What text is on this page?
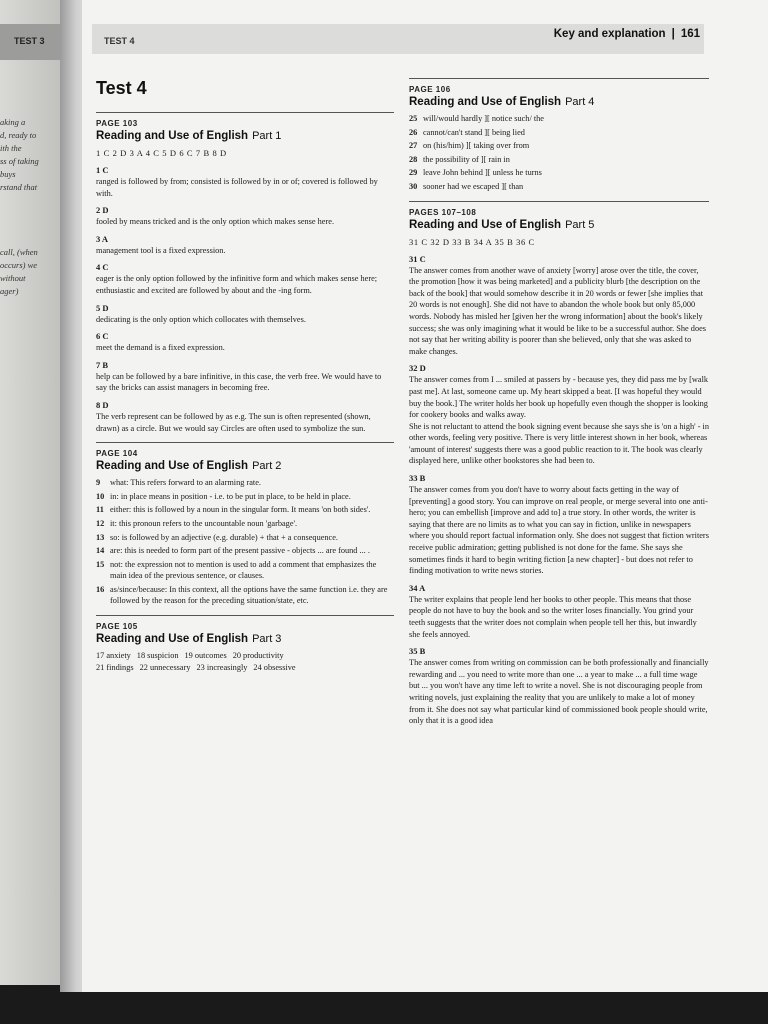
TEST 3
aking a
d, ready to
ith the
ss of taking
buys
rstand that
call, (when
occurs) we
without
ager)
TEST 4
Key and explanation | 161
Test 4
PAGE 103
Reading and Use of English Part 1
1 C 2 D 3 A 4 C 5 D 6 C 7 B 8 D
1 C
ranged is followed by from; consisted is followed by in or of; covered is followed by with.
2 D
fooled by means tricked and is the only option which makes sense here.
3 A
management tool is a fixed expression.
4 C
eager is the only option followed by the infinitive form and which makes sense here; enthusiastic and excited are followed by about and the -ing form.
5 D
dedicating is the only option which collocates with themselves.
6 C
meet the demand is a fixed expression.
7 B
help can be followed by a bare infinitive, in this case, the verb free. We would have to say the bricks can assist managers in becoming free.
8 D
The verb represent can be followed by as e.g. The sun is often represented (shown, drawn) as a circle. But we would say Circles are often used to symbolize the sun.
PAGE 104
Reading and Use of English Part 2
9	what: This refers forward to an alarming rate.
10 in: in place means in position - i.e. to be put in place, to be held in place.
11 either: this is followed by a noun in the singular form. It means 'on both sides'.
12 it: this pronoun refers to the uncountable noun 'garbage'.
13 so: is followed by an adjective (e.g. durable) + that + a consequence.
14 are: this is needed to form part of the present passive - objects ... are found ... .
15 not: the expression not to mention is used to add a comment that emphasizes the main idea of the previous sentence, or clauses.
16 as/since/because: In this context, all the options have the same function i.e. they are followed by the reason for the preceding situation/state, etc.
PAGE 105
Reading and Use of English Part 3
17 anxiety 18 suspicion 19 outcomes 20 productivity
21 findings 22 unnecessary 23 increasingly 24 obsessive
PAGE 106
Reading and Use of English Part 4
25 will/would hardly ][ notice such/ the
26 cannot/can't stand ][ being lied
27 on (his/him) ][ taking over from
28 the possibility of ][ rain in
29 leave John behind ][ unless he turns
30 sooner had we escaped ][ than
PAGES 107–108
Reading and Use of English Part 5
31 C 32 D 33 B 34 A 35 B 36 C
31 C
The answer comes from another wave of anxiety [worry] arose over the title, the cover, the promotion [how it was being marketed] and a publicity blurb [the description on the back of the book] that would somehow describe it in 20 words or fewer [she implies that 20 words is not enough]. She did not have to abandon the whole book but only 85,000 words. Nobody has misled her [given her the wrong information] about the book's likely success; she was only imagining what it would be like to be a successful author. She does not say that her writing ability is poorer than she believed, only that she was asked to make changes.
32 D
The answer comes from I ... smiled at passers by - because yes, they did pass me by [walk past me]. At last, someone came up. My heart skipped a beat. [I was hopeful they would buy the book.] The writer holds her book up hopefully even though the shopper is looking for cookery books and walks away.
She is not reluctant to attend the book signing event because she says she is 'on a high' - in other words, feeling very positive. There is very little interest shown in her book, whereas 'amount of interest' suggests there was a good public reaction to it. The book was clearly displayed here, unlike other bookstores she had been to.
33 B
The answer comes from you don't have to worry about facts getting in the way of [preventing] a good story. You can improve on real people, or merge several into one anti-hero; you can embellish [improve and add to] a true story. In other words, the writer is saying that there are no limits as to what you can say in fiction, unlike in newspapers where you should report factual information only. She does not suggest that fiction writers receive public admiration; getting published is not done for the fame. She says she sometimes finds it hard to begin writing fiction [a new chapter] - but does not refer to finding motivation to write news stories.
34 A
The writer explains that people lend her books to other people. This means that those people do not have to buy the book and so the writer loses financially. You grind your teeth suggests that the writer does not complain when people tell her this, but inwardly she feels annoyed.
35 B
The answer comes from writing on commission can be both professionally and financially rewarding and ... you need to write more than one ... a year to make ... a full time wage but ... you won't have any time left to write a novel. She is not discouraging people from writing novels, just explaining the reality that you are unlikely to make a lot of money from it. She does not say what particular kind of commissioned book people should write, only that it is a good idea
